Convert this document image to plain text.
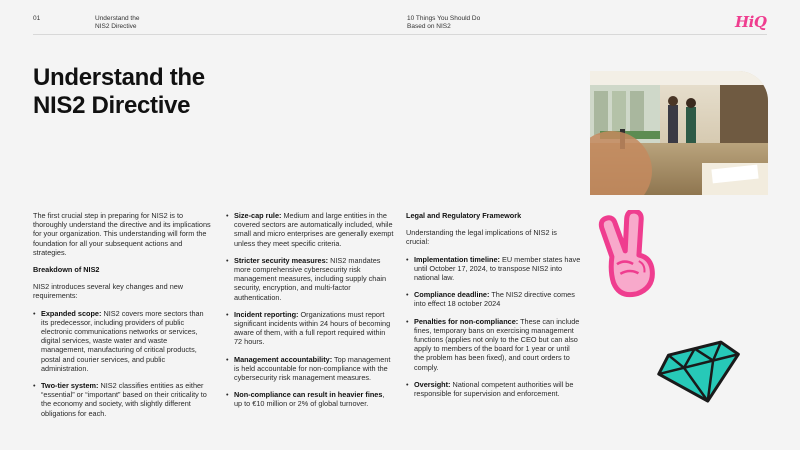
01	Understand the
NIS2 Directive
10 Things You Should Do
Based on NIS2	HiQ
Understand the
NIS2 Directive

The first crucial step in preparing for NIS2 is to thoroughly understand the directive and its implications for your organization. This understanding will form the foundation for all your subsequent actions and strategies.

Breakdown of NIS2

NIS2 introduces several key changes and new requirements:

• Expanded scope: NIS2 covers more sectors than its predecessor, including providers of public electronic communications networks or services, digital services, waste water and waste management, manufacturing of critical products, postal and courier services, and public administration.
• Two-tier system: NIS2 classifies entities as either “essential” or “important” based on their criticality to the economy and society, with slightly different obligations for each.
• Size-cap rule: Medium and large entities in the covered sectors are automatically included, while small and micro enterprises are generally exempt unless they meet specific criteria.
• Stricter security measures: NIS2 mandates more comprehensive cybersecurity risk management measures, including supply chain security, encryption, and multi-factor authentication.
• Incident reporting: Organizations must report significant incidents within 24 hours of becoming aware of them, with a full report required within 72 hours.
• Management accountability: Top management is held accountable for non-compliance with the cybersecurity risk management measures.
• Non-compliance can result in heavier fines, up to €10 million or 2% of global turnover.
Legal and Regulatory Framework

Understanding the legal implications of NIS2 is crucial:

• Implementation timeline: EU member states have until October 17, 2024, to transpose NIS2 into national law.
• Compliance deadline: The NIS2 directive comes into effect 18 october 2024
• Penalties for non-compliance: These can include fines, temporary bans on exercising management functions (applies not only to the CEO but can also apply to members of the board for 1 year or until the problem has been fixed), and court orders to comply.
• Oversight: National competent authorities will be responsible for supervision and enforcement.
